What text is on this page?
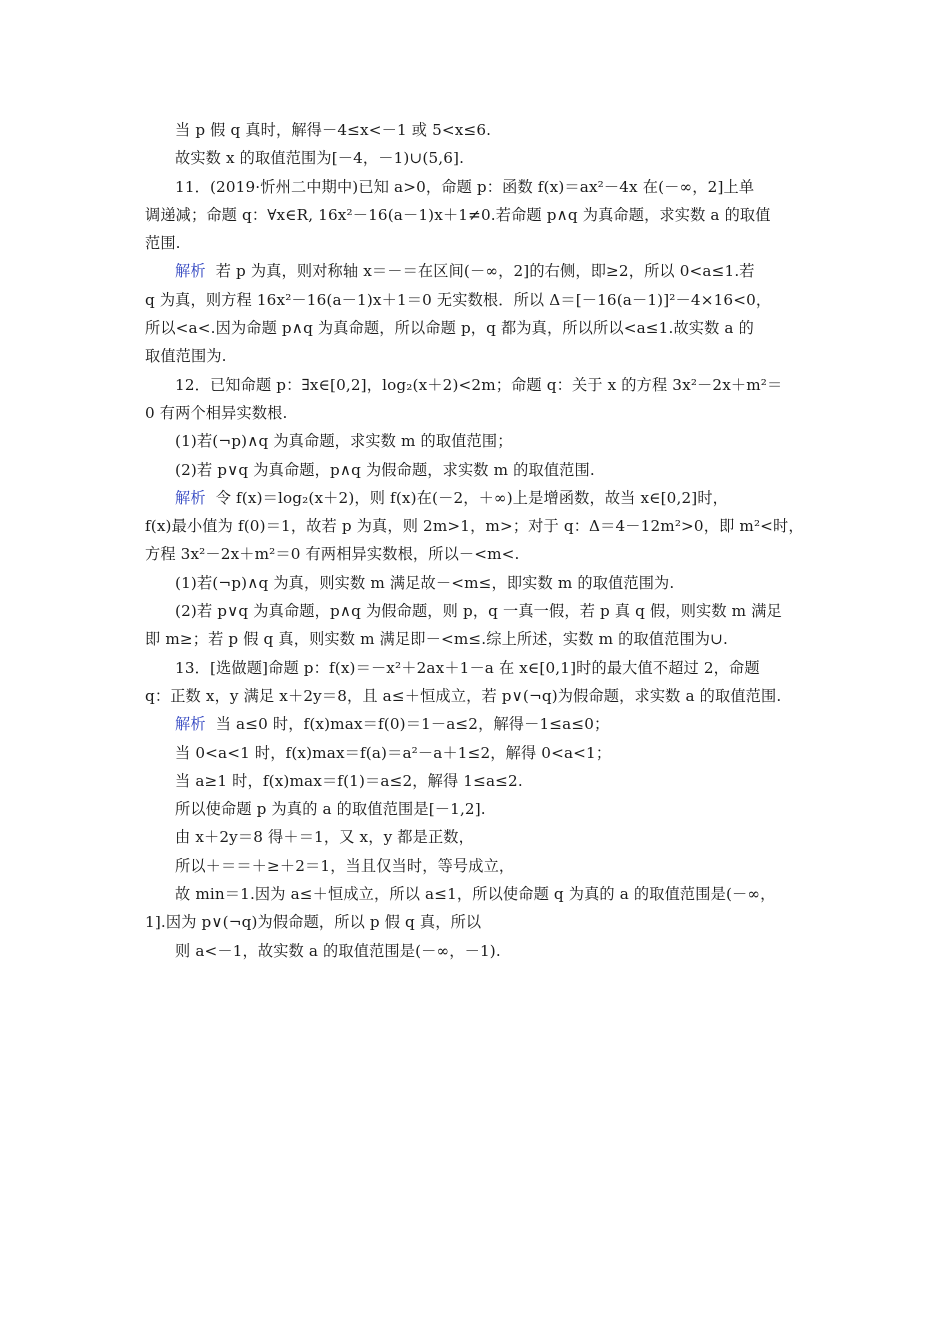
当 p 假 q 真时，解得－4≤x<－1 或 5<x≤6.
故实数 x 的取值范围为[－4，－1)∪(5,6].
11．(2019·忻州二中期中)已知 a>0，命题 p：函数 f(x)＝ax²－4x 在(－∞，2]上单
调递减；命题 q：∀x∈R, 16x²－16(a－1)x＋1≠0.若命题 p∧q 为真命题，求实数 a 的取值
范围.
解析 若 p 为真，则对称轴 x＝－＝在区间(－∞，2]的右侧，即≥2，所以 0<a≤1.若
q 为真，则方程 16x²－16(a－1)x＋1＝0 无实数根．所以 Δ＝[－16(a－1)]²－4×16<0，
所以<a<.因为命题 p∧q 为真命题，所以命题 p，q 都为真，所以所以<a≤1.故实数 a 的
取值范围为.
12．已知命题 p：∃x∈[0,2]，log₂(x＋2)<2m；命题 q：关于 x 的方程 3x²－2x＋m²＝
0 有两个相异实数根.
(1)若(¬p)∧q 为真命题，求实数 m 的取值范围；
(2)若 p∨q 为真命题，p∧q 为假命题，求实数 m 的取值范围.
解析 令 f(x)＝log₂(x＋2)，则 f(x)在(－2，＋∞)上是增函数，故当 x∈[0,2]时，
f(x)最小值为 f(0)＝1，故若 p 为真，则 2m>1，m>；对于 q：Δ＝4－12m²>0，即 m²<时，
方程 3x²－2x＋m²＝0 有两相异实数根，所以－<m<.
(1)若(¬p)∧q 为真，则实数 m 满足故－<m≤，即实数 m 的取值范围为.
(2)若 p∨q 为真命题，p∧q 为假命题，则 p，q 一真一假，若 p 真 q 假，则实数 m 满足
即 m≥；若 p 假 q 真，则实数 m 满足即－<m≤.综上所述，实数 m 的取值范围为∪.
13．[选做题]命题 p：f(x)＝－x²＋2ax＋1－a 在 x∈[0,1]时的最大值不超过 2，命题
q：正数 x，y 满足 x＋2y＝8，且 a≤＋恒成立，若 p∨(¬q)为假命题，求实数 a 的取值范围.
解析 当 a≤0 时，f(x)max＝f(0)＝1－a≤2，解得－1≤a≤0；
当 0<a<1 时，f(x)max＝f(a)＝a²－a＋1≤2，解得 0<a<1；
当 a≥1 时，f(x)max＝f(1)＝a≤2，解得 1≤a≤2.
所以使命题 p 为真的 a 的取值范围是[－1,2].
由 x＋2y＝8 得＋＝1，又 x，y 都是正数，
所以＋＝＝＋≥＋2＝1，当且仅当时，等号成立，
故 min＝1.因为 a≤＋恒成立，所以 a≤1，所以使命题 q 为真的 a 的取值范围是(－∞，
1].因为 p∨(¬q)为假命题，所以 p 假 q 真，所以
则 a<－1，故实数 a 的取值范围是(－∞，－1).
